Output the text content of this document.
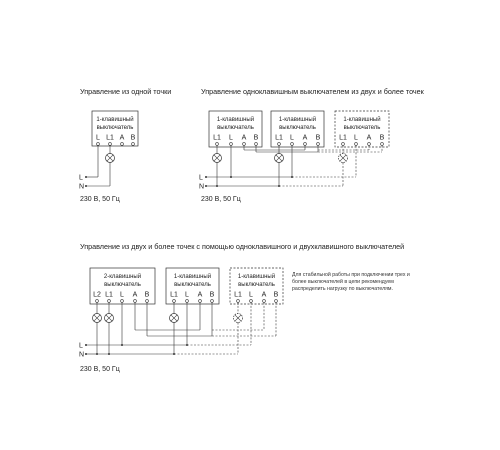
Управление из одной точки
1-клавишный
выключатель
L L1 A B
L
N
230 В, 50 Гц
Управление одноклавишным выключателем из двух и более точек
1-клавишный
выключатель
L1 L A B
1-клавишный
выключатель
L1 L A B
1-клавишный
выключатель
L1 L A B
L
N
230 В, 50 Гц
Управление из двух и более точек с помощью одноклавишного и двухклавишного выключателей
2-клавишный
выключатель
L2 L1 L A B
1-клавишный
выключатель
L1 L A B
1-клавишный
выключатель
L1 L A B
L
N
230 В, 50 Гц
Для стабильной работы при подключении трех и
более выключателей в цепи рекомендуем
распределить нагрузку по выключателям.
